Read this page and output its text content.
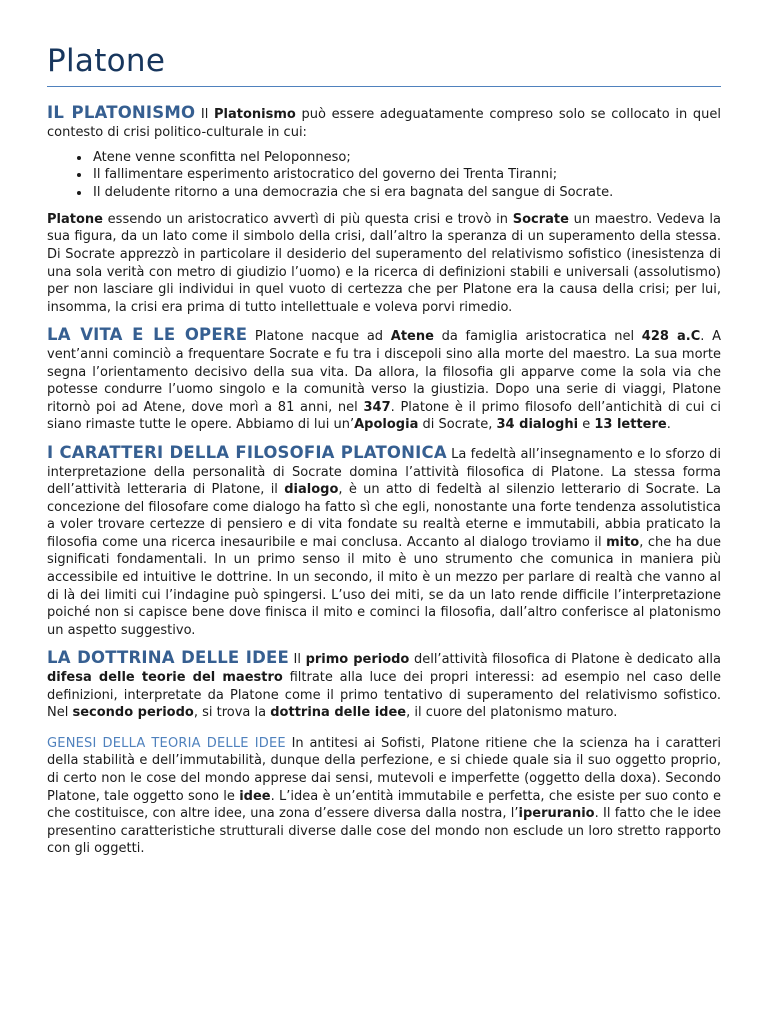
Platone

IL PLATONISMO Il Platonismo può essere adeguatamente compreso solo se collocato in quel contesto di crisi politico-culturale in cui:

• Atene venne sconfitta nel Peloponneso;
• Il fallimentare esperimento aristocratico del governo dei Trenta Tiranni;
• Il deludente ritorno a una democrazia che si era bagnata del sangue di Socrate.

Platone essendo un aristocratico avvertì di più questa crisi e trovò in Socrate un maestro. Vedeva la sua figura, da un lato come il simbolo della crisi, dall’altro la speranza di un superamento della stessa. Di Socrate apprezzò in particolare il desiderio del superamento del relativismo sofistico (inesistenza di una sola verità con metro di giudizio l’uomo) e la ricerca di definizioni stabili e universali (assolutismo) per non lasciare gli individui in quel vuoto di certezza che per Platone era la causa della crisi; per lui, insomma, la crisi era prima di tutto intellettuale e voleva porvi rimedio.

LA VITA E LE OPERE Platone nacque ad Atene da famiglia aristocratica nel 428 a.C. A vent’anni cominciò a frequentare Socrate e fu tra i discepoli sino alla morte del maestro. La sua morte segna l’orientamento decisivo della sua vita. Da allora, la filosofia gli apparve come la sola via che potesse condurre l’uomo singolo e la comunità verso la giustizia. Dopo una serie di viaggi, Platone ritornò poi ad Atene, dove morì a 81 anni, nel 347. Platone è il primo filosofo dell’antichità di cui ci siano rimaste tutte le opere. Abbiamo di lui un’Apologia di Socrate, 34 dialoghi e 13 lettere.

I CARATTERI DELLA FILOSOFIA PLATONICA La fedeltà all’insegnamento e lo sforzo di interpretazione della personalità di Socrate domina l’attività filosofica di Platone. La stessa forma dell’attività letteraria di Platone, il dialogo, è un atto di fedeltà al silenzio letterario di Socrate. La concezione del filosofare come dialogo ha fatto sì che egli, nonostante una forte tendenza assolutistica a voler trovare certezze di pensiero e di vita fondate su realtà eterne e immutabili, abbia praticato la filosofia come una ricerca inesauribile e mai conclusa. Accanto al dialogo troviamo il mito, che ha due significati fondamentali. In un primo senso il mito è uno strumento che comunica in maniera più accessibile ed intuitive le dottrine. In un secondo, il mito è un mezzo per parlare di realtà che vanno al di là dei limiti cui l’indagine può spingersi. L’uso dei miti, se da un lato rende difficile l’interpretazione poiché non si capisce bene dove finisca il mito e cominci la filosofia, dall’altro conferisce al platonismo un aspetto suggestivo.

LA DOTTRINA DELLE IDEE Il primo periodo dell’attività filosofica di Platone è dedicato alla difesa delle teorie del maestro filtrate alla luce dei propri interessi: ad esempio nel caso delle definizioni, interpretate da Platone come il primo tentativo di superamento del relativismo sofistico. Nel secondo periodo, si trova la dottrina delle idee, il cuore del platonismo maturo.

GENESI DELLA TEORIA DELLE IDEE In antitesi ai Sofisti, Platone ritiene che la scienza ha i caratteri della stabilità e dell’immutabilità, dunque della perfezione, e si chiede quale sia il suo oggetto proprio, di certo non le cose del mondo apprese dai sensi, mutevoli e imperfette (oggetto della doxa). Secondo Platone, tale oggetto sono le idee. L’idea è un’entità immutabile e perfetta, che esiste per suo conto e che costituisce, con altre idee, una zona d’essere diversa dalla nostra, l’iperuranio. Il fatto che le idee presentino caratteristiche strutturali diverse dalle cose del mondo non esclude un loro stretto rapporto con gli oggetti.
